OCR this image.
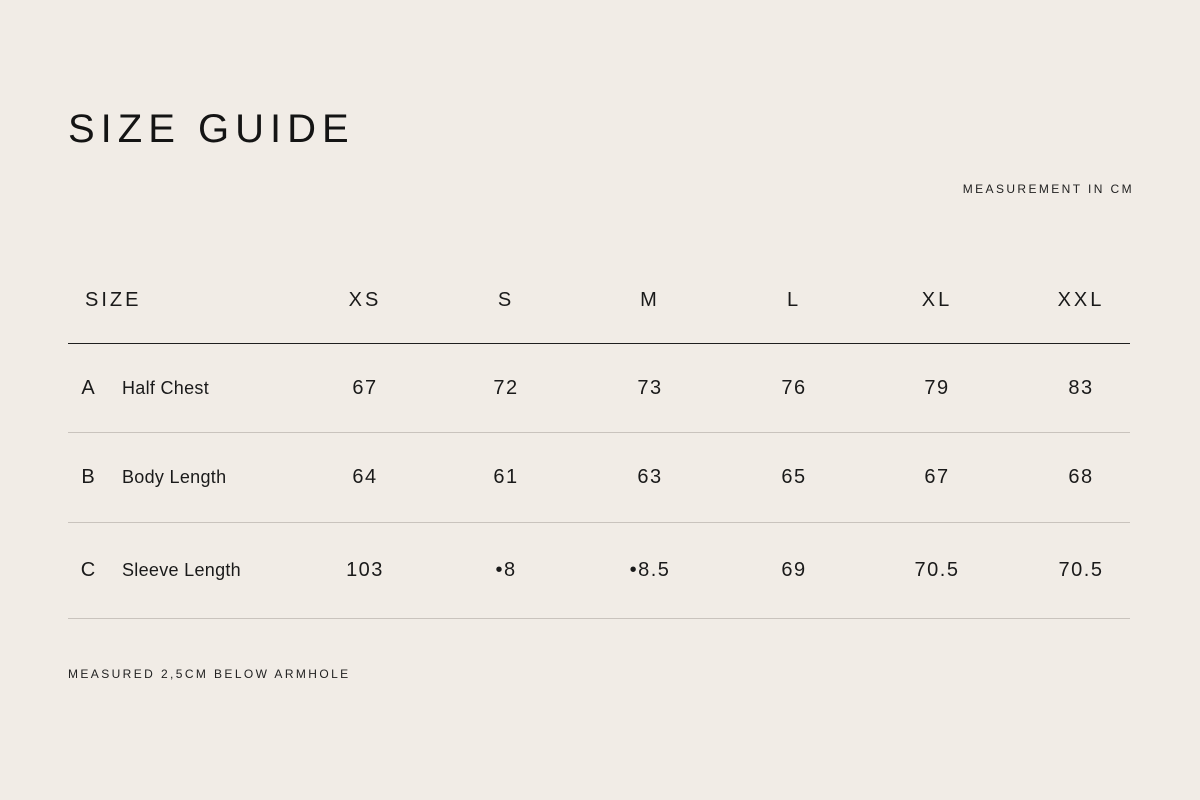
SIZE GUIDE
MEASUREMENT IN CM
SIZE	XS	S	M	L	XL	XXL
A Half Chest	67	72	73	76	79	83
B Body Length	64	61	63	65	67	68
C Sleeve Length	103	•8	•8.5	69	70.5	70.5
MEASURED 2,5CM BELOW ARMHOLE
